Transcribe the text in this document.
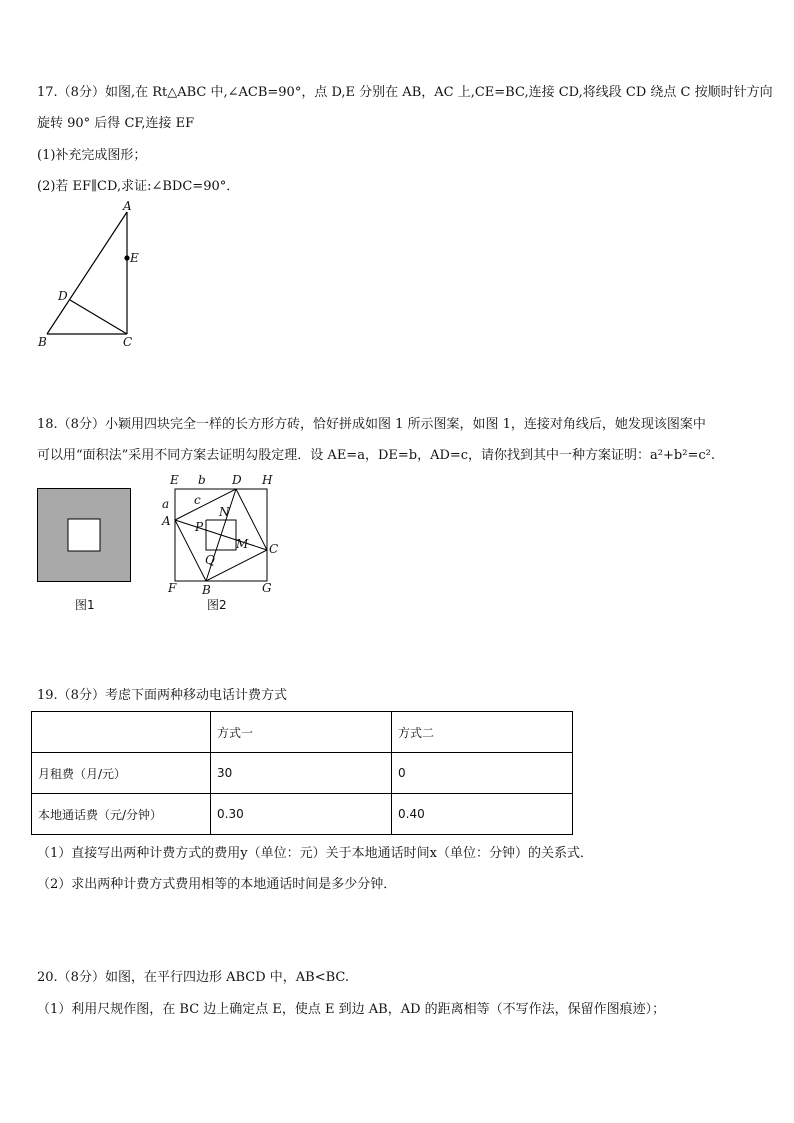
17.（8分）如图,在 Rt△ABC 中,∠ACB=90°，点 D,E 分别在 AB，AC 上,CE=BC,连接 CD,将线段 CD 绕点 C 按顺时针方向
旋转 90° 后得 CF,连接 EF
(1)补充完成图形；
(2)若 EF∥CD,求证:∠BDC=90°．
A
E
D
B	C
18.（8分）小颖用四块完全一样的长方形方砖，恰好拼成如图 1 所示图案，如图 1，连接对角线后，她发现该图案中
可以用“面积法”采用不同方案去证明勾股定理．设 AE=a，DE=b，AD=c，请你找到其中一种方案证明：a²+b²=c².
图1
E b D H
c
a
A
N
P
M C
Q
F B	G
图2
19.（8分）考虑下面两种移动电话计费方式
	方式一	方式二
月租费（月/元）	30	0
本地通话费（元/分钟）	0.30	0.40
（1）直接写出两种计费方式的费用y（单位：元）关于本地通话时间x（单位：分钟）的关系式．
（2）求出两种计费方式费用相等的本地通话时间是多少分钟．
20.（8分）如图，在平行四边形 ABCD 中，AB<BC.
（1）利用尺规作图，在 BC 边上确定点 E，使点 E 到边 AB，AD 的距离相等（不写作法，保留作图痕迹）；
